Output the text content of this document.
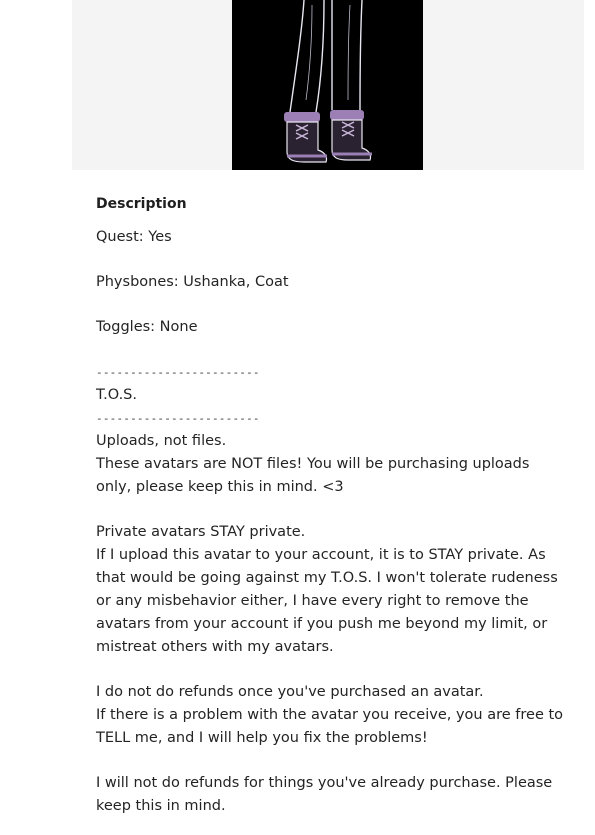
Description

Quest: Yes

Physbones: Ushanka, Coat

Toggles: None

------------------------

T.O.S.

------------------------

Uploads, not files.

These avatars are NOT files! You will be purchasing uploads only, please keep this in mind. <3

Private avatars STAY private.

If I upload this avatar to your account, it is to STAY private. As that would be going against my T.O.S. I won't tolerate rudeness or any misbehavior either, I have every right to remove the avatars from your account if you push me beyond my limit, or mistreat others with my avatars.

I do not do refunds once you've purchased an avatar.

If there is a problem with the avatar you receive, you are free to TELL me, and I will help you fix the problems!

I will not do refunds for things you've already purchase. Please keep this in mind.
